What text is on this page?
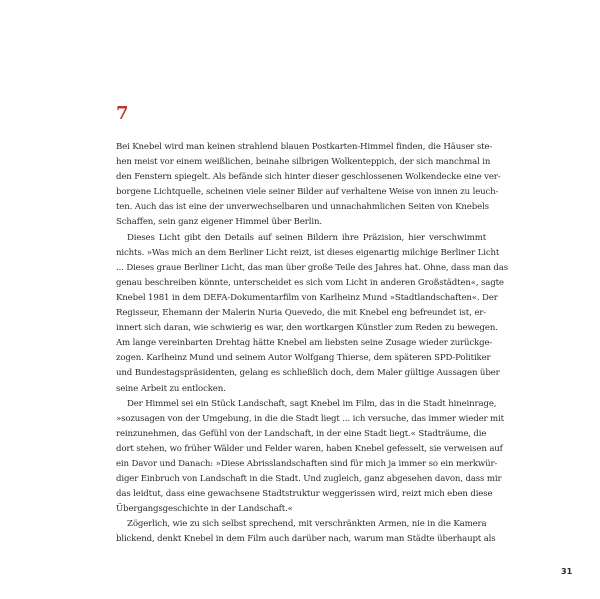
7
Bei Knebel wird man keinen strahlend blauen Postkarten-Himmel finden, die Häuser ste-
hen meist vor einem weißlichen, beinahe silbrigen Wolkenteppich, der sich manchmal in
den Fenstern spiegelt. Als befände sich hinter dieser geschlossenen Wolkendecke eine ver-
borgene Lichtquelle, scheinen viele seiner Bilder auf verhaltene Weise von innen zu leuch-
ten. Auch das ist eine der unverwechselbaren und unnachahmlichen Seiten von Knebels
Schaffen, sein ganz eigener Himmel über Berlin.
Dieses Licht gibt den Details auf seinen Bildern ihre Präzision, hier verschwimmt
nichts. »Was mich an dem Berliner Licht reizt, ist dieses eigenartig milchige Berliner Licht
... Dieses graue Berliner Licht, das man über große Teile des Jahres hat. Ohne, dass man das
genau beschreiben könnte, unterscheidet es sich vom Licht in anderen Großstädten«, sagte
Knebel 1981 in dem DEFA-Dokumentarfilm von Karlheinz Mund »Stadtlandschaften«. Der
Regisseur, Ehemann der Malerin Nuria Quevedo, die mit Knebel eng befreundet ist, er-
innert sich daran, wie schwierig es war, den wortkargen Künstler zum Reden zu bewegen.
Am lange vereinbarten Drehtag hätte Knebel am liebsten seine Zusage wieder zurückge-
zogen. Karlheinz Mund und seinem Autor Wolfgang Thierse, dem späteren SPD-Politiker
und Bundestagspräsidenten, gelang es schließlich doch, dem Maler gültige Aussagen über
seine Arbeit zu entlocken.
Der Himmel sei ein Stück Landschaft, sagt Knebel im Film, das in die Stadt hineinrage,
»sozusagen von der Umgebung, in die die Stadt liegt ... ich versuche, das immer wieder mit
reinzunehmen, das Gefühl von der Landschaft, in der eine Stadt liegt.« Stadträume, die
dort stehen, wo früher Wälder und Felder waren, haben Knebel gefesselt, sie verweisen auf
ein Davor und Danach: »Diese Abrisslandschaften sind für mich ja immer so ein merkwür-
diger Einbruch von Landschaft in die Stadt. Und zugleich, ganz abgesehen davon, dass mir
das leidtut, dass eine gewachsene Stadtstruktur weggerissen wird, reizt mich eben diese
Übergangsgeschichte in der Landschaft.«
Zögerlich, wie zu sich selbst sprechend, mit verschränkten Armen, nie in die Kamera
blickend, denkt Knebel in dem Film auch darüber nach, warum man Städte überhaupt als
31
